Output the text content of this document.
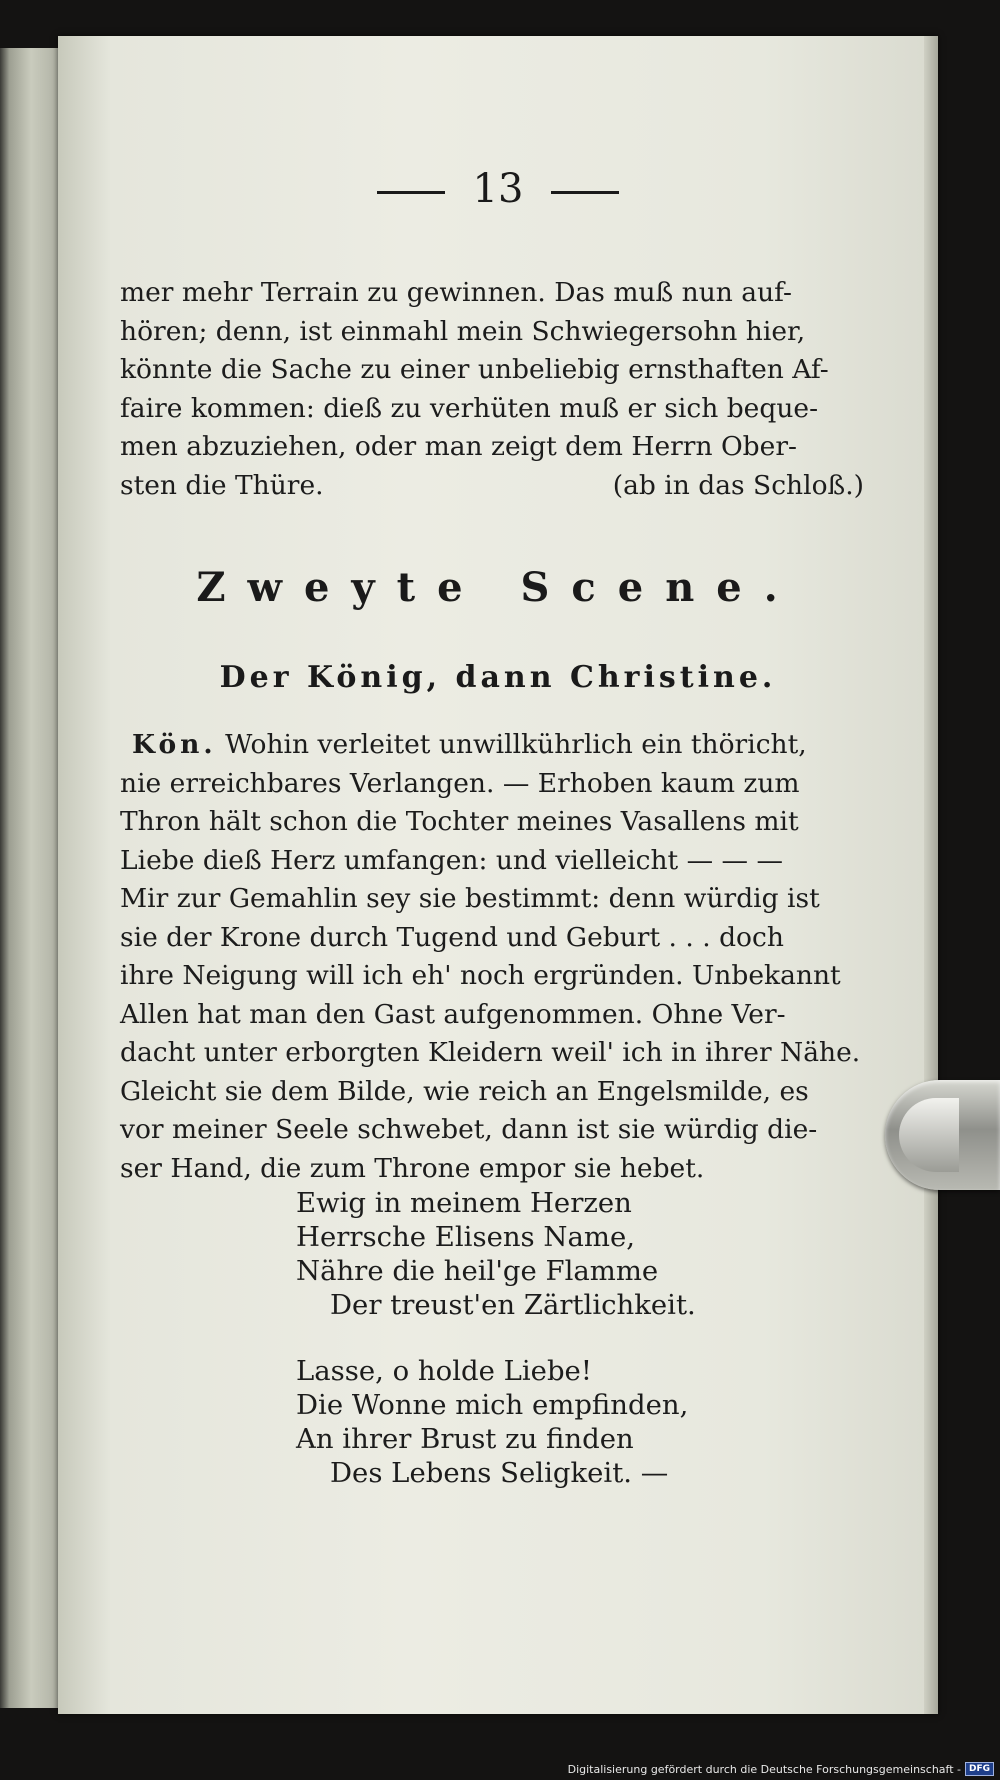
13

mer mehr Terrain zu gewinnen. Das muß nun auf-

hören; denn, ist einmahl mein Schwiegersohn hier,

könnte die Sache zu einer unbeliebig ernsthaften Af-

faire kommen: dieß zu verhüten muß er sich beque-

men abzuziehen, oder man zeigt dem Herrn Ober-

sten die Thüre.	(ab in das Schloß.)

Zweyte Scene.
Der König, dann Christine.

Kön. Wohin verleitet unwillkührlich ein thöricht,

nie erreichbares Verlangen. — Erhoben kaum zum

Thron hält schon die Tochter meines Vasallens mit

Liebe dieß Herz umfangen: und vielleicht — — —

Mir zur Gemahlin sey sie bestimmt: denn würdig ist

sie der Krone durch Tugend und Geburt . . . doch

ihre Neigung will ich eh' noch ergründen. Unbekannt

Allen hat man den Gast aufgenommen. Ohne Ver-

dacht unter erborgten Kleidern weil' ich in ihrer Nähe.

Gleicht sie dem Bilde, wie reich an Engelsmilde, es

vor meiner Seele schwebet, dann ist sie würdig die-

ser Hand, die zum Throne empor sie hebet.

Ewig in meinem Herzen

Herrsche Elisens Name,

Nähre die heil'ge Flamme

Der treust'en Zärtlichkeit.

Lasse, o holde Liebe!

Die Wonne mich empfinden,

An ihrer Brust zu finden

Des Lebens Seligkeit. —

Digitalisierung gefördert durch die Deutsche Forschungsgemeinschaft - DFG
